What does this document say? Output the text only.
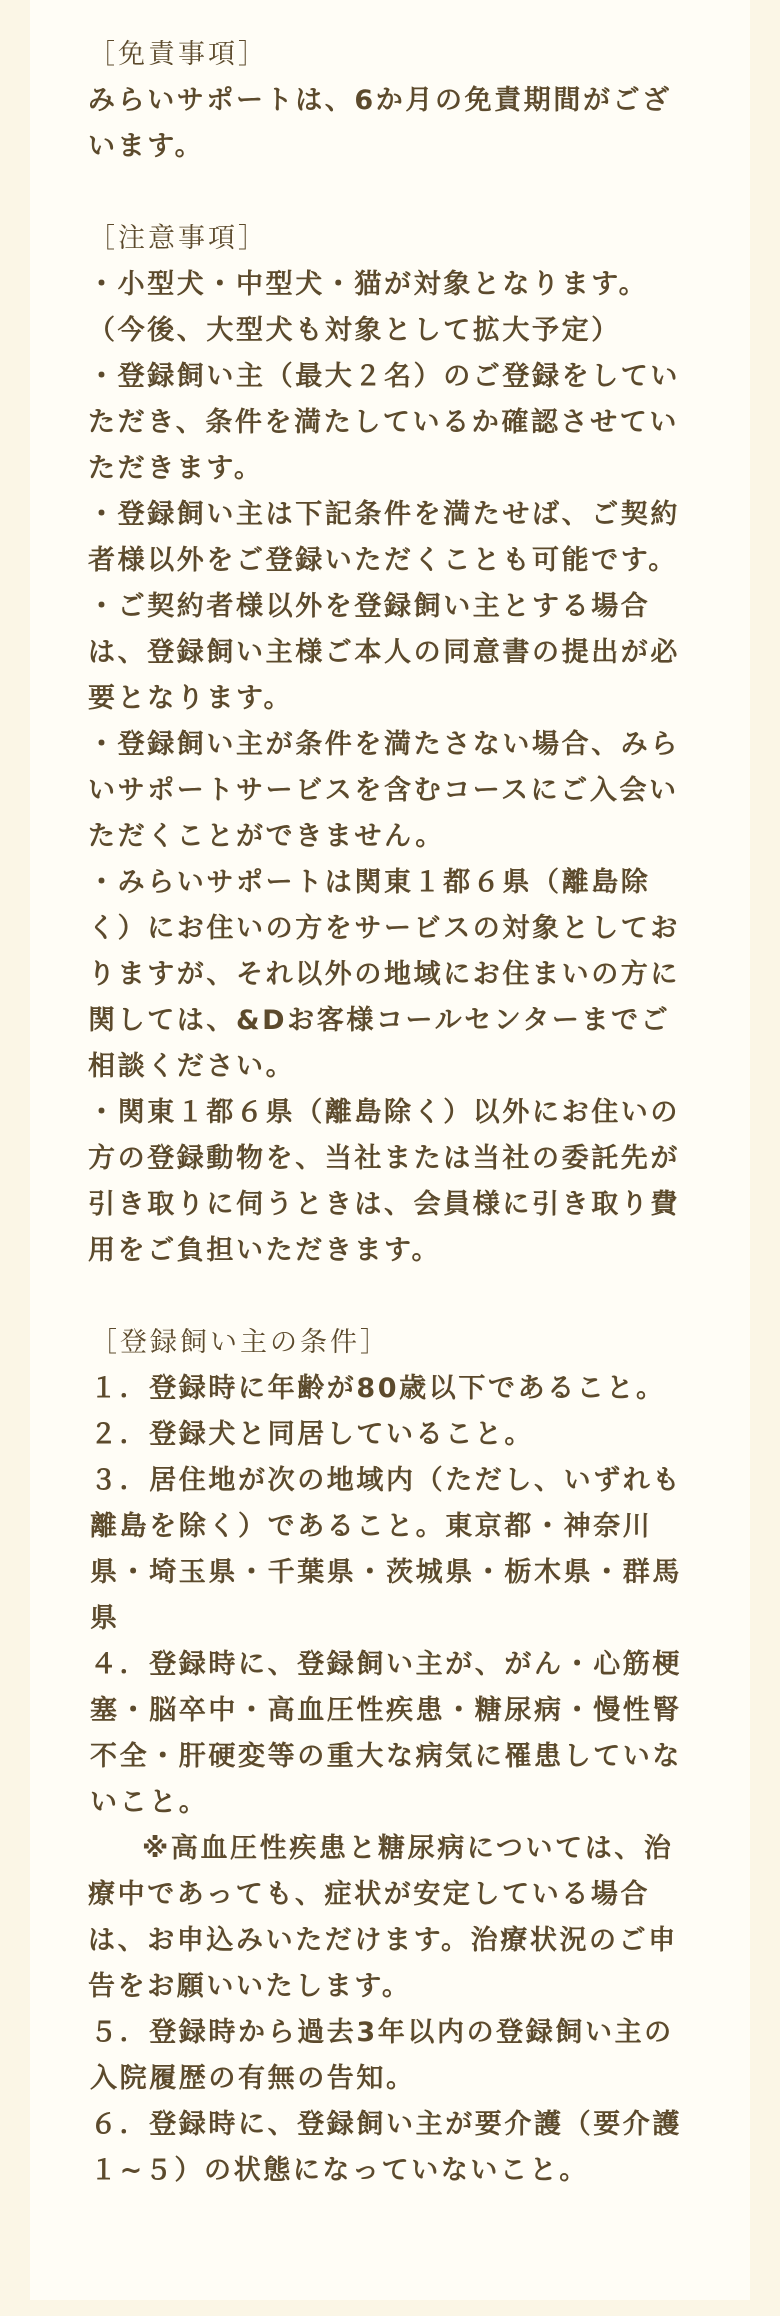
［免責事項］

みらいサポートは、6か月の免責期間がございます。

［注意事項］

・小型犬・中型犬・猫が対象となります。（今後、大型犬も対象として拡大予定）

・登録飼い主（最大２名）のご登録をしていただき、条件を満たしているか確認させていただきます。

・登録飼い主は下記条件を満たせば、ご契約者様以外をご登録いただくことも可能です。

・ご契約者様以外を登録飼い主とする場合は、登録飼い主様ご本人の同意書の提出が必要となります。

・登録飼い主が条件を満たさない場合、みらいサポートサービスを含むコースにご入会いただくことができません。

・みらいサポートは関東１都６県（離島除く）にお住いの方をサービスの対象としておりますが、それ以外の地域にお住まいの方に関しては、&Dお客様コールセンターまでご相談ください。

・関東１都６県（離島除く）以外にお住いの方の登録動物を、当社または当社の委託先が引き取りに伺うときは、会員様に引き取り費用をご負担いただきます。

［登録飼い主の条件］

１．登録時に年齢が80歳以下であること。

２．登録犬と同居していること。

３．居住地が次の地域内（ただし、いずれも離島を除く）であること。東京都・神奈川県・埼玉県・千葉県・茨城県・栃木県・群馬県

４．登録時に、登録飼い主が、がん・心筋梗塞・脳卒中・高血圧性疾患・糖尿病・慢性腎不全・肝硬変等の重大な病気に罹患していないこと。

※高血圧性疾患と糖尿病については、治療中であっても、症状が安定している場合は、お申込みいただけます。治療状況のご申告をお願いいたします。

５．登録時から過去3年以内の登録飼い主の入院履歴の有無の告知。

６．登録時に、登録飼い主が要介護（要介護１~５）の状態になっていないこと。
